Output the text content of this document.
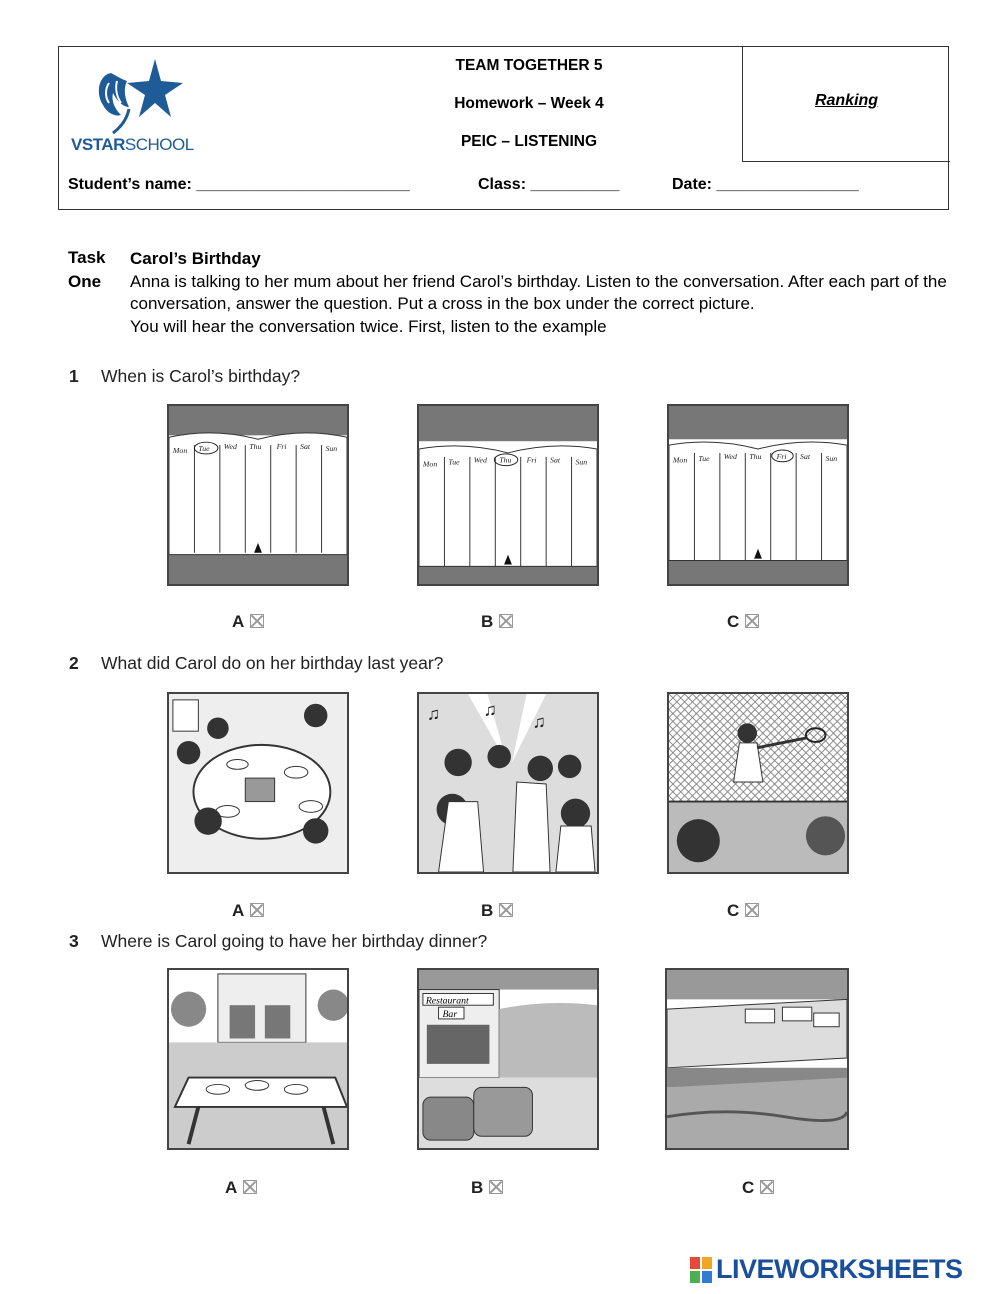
VSTARSCHOOL
TEAM TOGETHER 5
Homework – Week 4
PEIC – LISTENING
Ranking
Student’s name: ________________________	Class: __________	Date: ________________
Task
One
Carol’s Birthday
Anna is talking to her mum about her friend Carol’s birthday. Listen to the conversation. After each part of the conversation, answer the question. Put a cross in the box under the correct picture.
You will hear the conversation twice. First, listen to the example
1 When is Carol’s birthday?
Mon Tue Wed Thu Fri Sat Sun
Mon Tue Wed Thu Fri Sat Sun	Mon Tue Wed Thu Fri Sat Sun
A	B	C
2 What did Carol do on her birthday last year?
♫ ♫
♫
A	B	C
3 Where is Carol going to have her birthday dinner?
Restaurant
Bar
A	B	C
LIVEWORKSHEETS
